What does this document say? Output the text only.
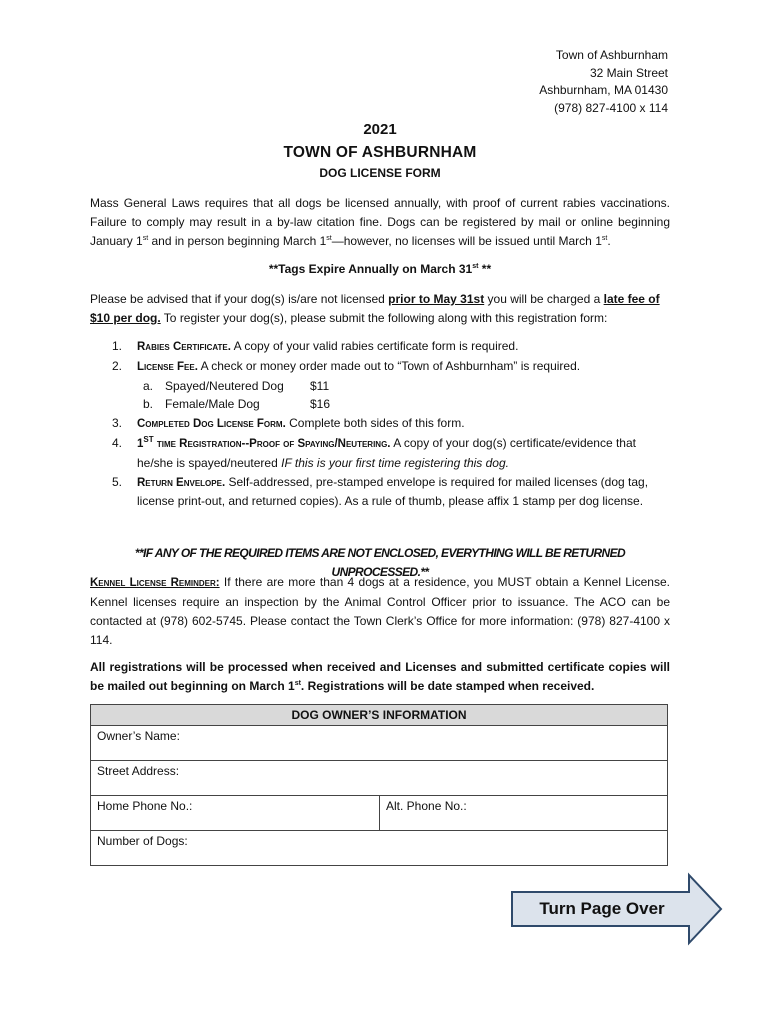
Town of Ashburnham
32 Main Street
Ashburnham, MA 01430
(978) 827-4100 x 114
2021
TOWN OF ASHBURNHAM
DOG LICENSE FORM
Mass General Laws requires that all dogs be licensed annually, with proof of current rabies vaccinations. Failure to comply may result in a by-law citation fine. Dogs can be registered by mail or online beginning January 1st and in person beginning March 1st—however, no licenses will be issued until March 1st.
**Tags Expire Annually on March 31st **
Please be advised that if your dog(s) is/are not licensed prior to May 31st you will be charged a late fee of $10 per dog. To register your dog(s), please submit the following along with this registration form:
1. Rabies Certificate. A copy of your valid rabies certificate form is required.
2. License Fee. A check or money order made out to “Town of Ashburnham” is required.
a. Spayed/Neutered Dog $11

b. Female/Male Dog	$16

3. Completed Dog License Form. Complete both sides of this form.
4. 1st time Registration--Proof of Spaying/Neutering. A copy of your dog(s) certificate/evidence that he/she is spayed/neutered IF this is your first time registering this dog.
5. Return Envelope. Self-addressed, pre-stamped envelope is required for mailed licenses (dog tag, license print-out, and returned copies). As a rule of thumb, please affix 1 stamp per dog license.
**IF ANY OF THE REQUIRED ITEMS ARE NOT ENCLOSED, EVERYTHING WILL BE RETURNED UNPROCESSED.**
Kennel License Reminder: If there are more than 4 dogs at a residence, you MUST obtain a Kennel License. Kennel licenses require an inspection by the Animal Control Officer prior to issuance. The ACO can be contacted at (978) 602-5745. Please contact the Town Clerk’s Office for more information: (978) 827-4100 x 114.
All registrations will be processed when received and Licenses and submitted certificate copies will be mailed out beginning on March 1st. Registrations will be date stamped when received.
DOG OWNER’S INFORMATION
Owner’s Name:
Street Address:
Home Phone No.:	Alt. Phone No.:
Number of Dogs:
Turn Page Over
